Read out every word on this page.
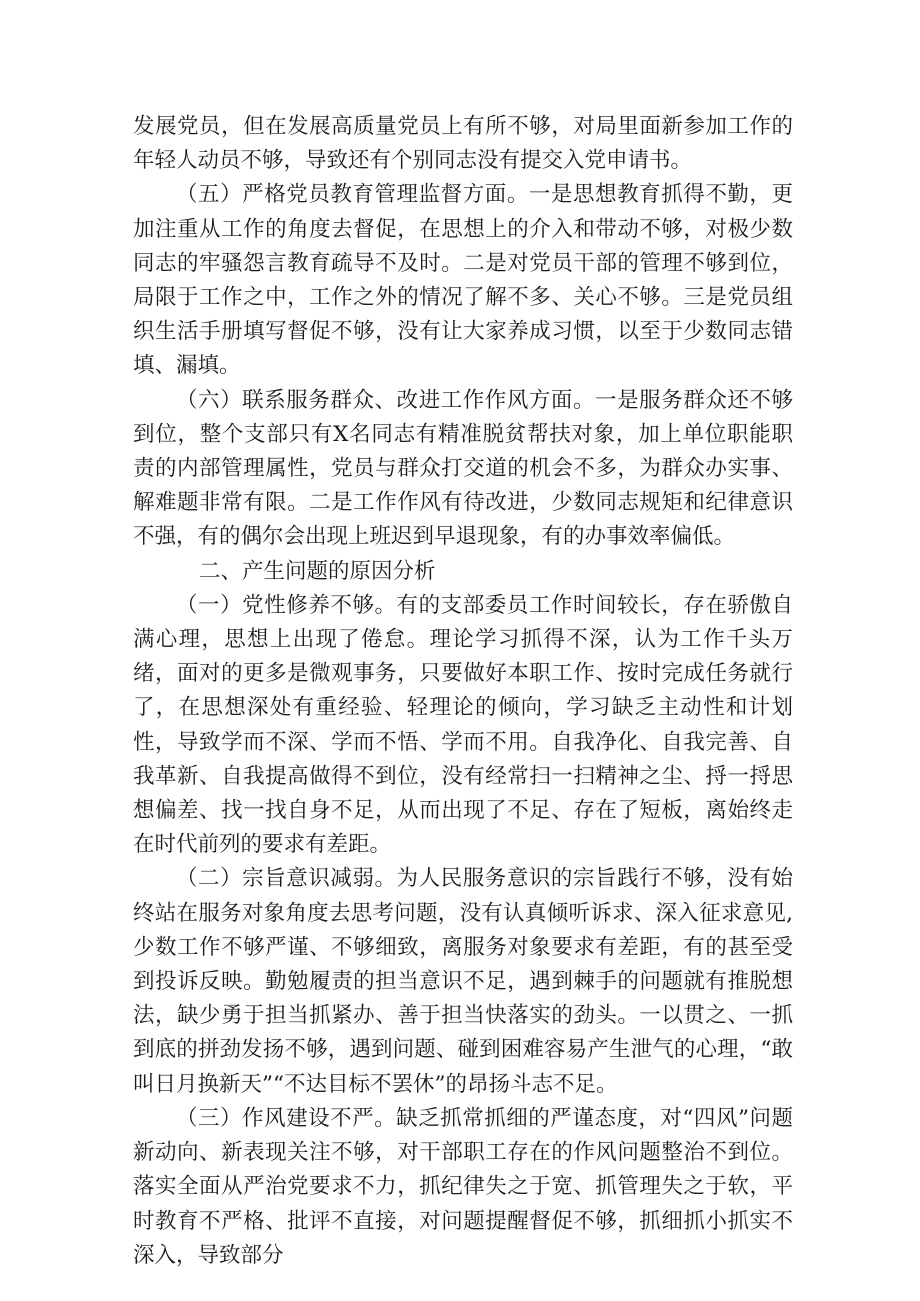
发展党员，但在发展高质量党员上有所不够，对局里面新参加工作的年轻人动员不够，导致还有个别同志没有提交入党申请书。

（五）严格党员教育管理监督方面。一是思想教育抓得不勤，更加注重从工作的角度去督促，在思想上的介入和带动不够，对极少数同志的牢骚怨言教育疏导不及时。二是对党员干部的管理不够到位，局限于工作之中，工作之外的情况了解不多、关心不够。三是党员组织生活手册填写督促不够，没有让大家养成习惯，以至于少数同志错填、漏填。

（六）联系服务群众、改进工作作风方面。一是服务群众还不够到位，整个支部只有X名同志有精准脱贫帮扶对象，加上单位职能职责的内部管理属性，党员与群众打交道的机会不多，为群众办实事、解难题非常有限。二是工作作风有待改进，少数同志规矩和纪律意识不强，有的偶尔会出现上班迟到早退现象，有的办事效率偏低。

二、产生问题的原因分析

（一）党性修养不够。有的支部委员工作时间较长，存在骄傲自满心理，思想上出现了倦怠。理论学习抓得不深，认为工作千头万绪，面对的更多是微观事务，只要做好本职工作、按时完成任务就行了，在思想深处有重经验、轻理论的倾向，学习缺乏主动性和计划性，导致学而不深、学而不悟、学而不用。自我净化、自我完善、自我革新、自我提高做得不到位，没有经常扫一扫精神之尘、捋一捋思想偏差、找一找自身不足，从而出现了不足、存在了短板，离始终走在时代前列的要求有差距。

（二）宗旨意识减弱。为人民服务意识的宗旨践行不够，没有始终站在服务对象角度去思考问题，没有认真倾听诉求、深入征求意见,少数工作不够严谨、不够细致，离服务对象要求有差距，有的甚至受到投诉反映。勤勉履责的担当意识不足，遇到棘手的问题就有推脱想法，缺少勇于担当抓紧办、善于担当快落实的劲头。一以贯之、一抓到底的拼劲发扬不够，遇到问题、碰到困难容易产生泄气的心理，“敢叫日月换新天”“不达目标不罢休”的昂扬斗志不足。

（三）作风建设不严。缺乏抓常抓细的严谨态度，对“四风”问题新动向、新表现关注不够，对干部职工存在的作风问题整治不到位。落实全面从严治党要求不力，抓纪律失之于宽、抓管理失之于软，平时教育不严格、批评不直接，对问题提醒督促不够，抓细抓小抓实不深入，导致部分
